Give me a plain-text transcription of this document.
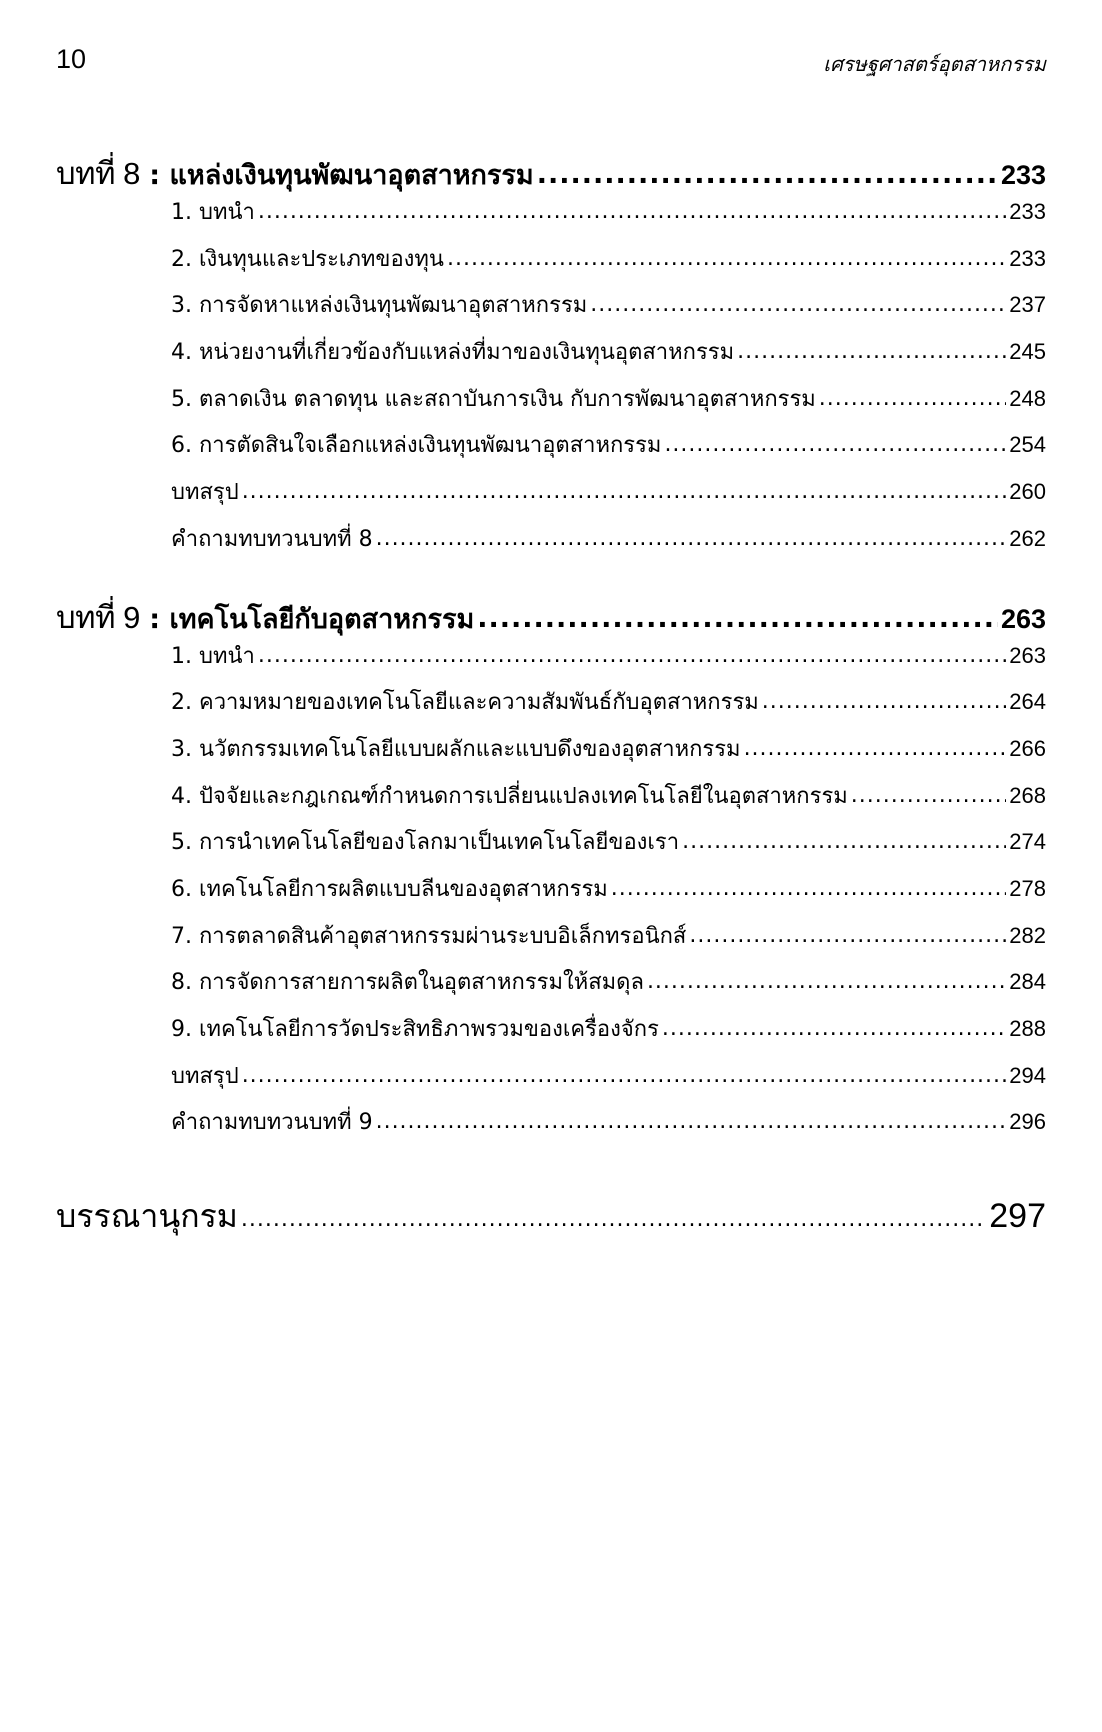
10	เศรษฐศาสตร์อุตสาหกรรม
บทที่ 8 : แหล่งเงินทุนพัฒนาอุตสาหกรรม .....	233
1. บทนำ .....	233
2. เงินทุนและประเภทของทุน .....	233
3. การจัดหาแหล่งเงินทุนพัฒนาอุตสาหกรรม .....	237
4. หน่วยงานที่เกี่ยวข้องกับแหล่งที่มาของเงินทุนอุตสาหกรรม .....	245
5. ตลาดเงิน ตลาดทุน และสถาบันการเงิน กับการพัฒนาอุตสาหกรรม .....	248
6. การตัดสินใจเลือกแหล่งเงินทุนพัฒนาอุตสาหกรรม .....	254
บทสรุป .....	260
คำถามทบทวนบทที่ 8 .....	262
บทที่ 9 : เทคโนโลยีกับอุตสาหกรรม .....	263
1. บทนำ .....	263
2. ความหมายของเทคโนโลยีและความสัมพันธ์กับอุตสาหกรรม .....	264
3. นวัตกรรมเทคโนโลยีแบบผลักและแบบดึงของอุตสาหกรรม .....	266
4. ปัจจัยและกฎเกณฑ์กำหนดการเปลี่ยนแปลงเทคโนโลยีในอุตสาหกรรม .....	268
5. การนำเทคโนโลยีของโลกมาเป็นเทคโนโลยีของเรา .....	274
6. เทคโนโลยีการผลิตแบบลีนของอุตสาหกรรม .....	278
7. การตลาดสินค้าอุตสาหกรรมผ่านระบบอิเล็กทรอนิกส์ .....	282
8. การจัดการสายการผลิตในอุตสาหกรรมให้สมดุล .....	284
9. เทคโนโลยีการวัดประสิทธิภาพรวมของเครื่องจักร .....	288
บทสรุป .....	294
คำถามทบทวนบทที่ 9 .....	296
บรรณานุกรม .....	297
